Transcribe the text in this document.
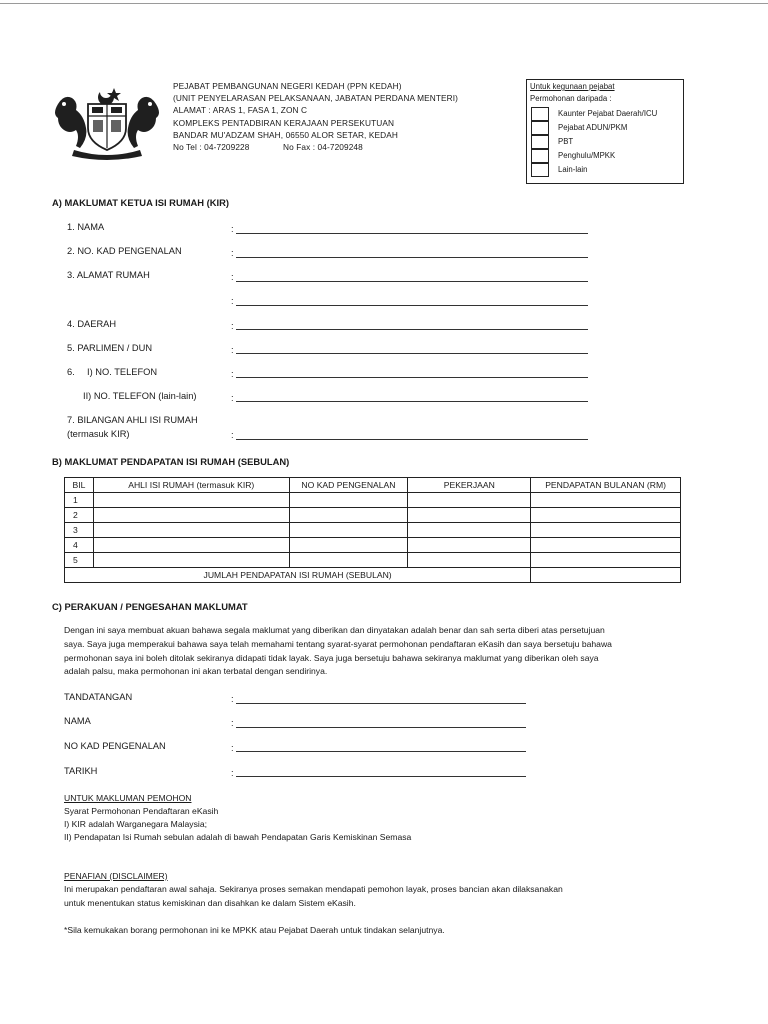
PEJABAT PEMBANGUNAN NEGERI KEDAH (PPN KEDAH)
(UNIT PENYELARASAN PELAKSANAAN, JABATAN PERDANA MENTERI)
ALAMAT : ARAS 1, FASA 1, ZON C
KOMPLEKS PENTADBIRAN KERAJAAN PERSEKUTUAN
BANDAR MU'ADZAM SHAH, 06550 ALOR SETAR, KEDAH
No Tel : 04-7209228	No Fax : 04-7209248
Untuk kegunaan pejabat
Permohonan daripada :
Kaunter Pejabat Daerah/ICU
Pejabat ADUN/PKM
PBT
Penghulu/MPKK
Lain-lain
A) MAKLUMAT KETUA ISI RUMAH (KIR)
1. NAMA	:
2. NO. KAD PENGENALAN	:
3. ALAMAT RUMAH	:
:
4. DAERAH	:
5. PARLIMEN / DUN	:
6. I) NO. TELEFON	:
II) NO. TELEFON (lain-lain)	:
7. BILANGAN AHLI ISI RUMAH
(termasuk KIR)	:
B) MAKLUMAT PENDAPATAN ISI RUMAH (SEBULAN)
BIL	AHLI ISI RUMAH (termasuk KIR)	NO KAD PENGENALAN	PEKERJAAN	PENDAPATAN BULANAN (RM)
1				
2				
3				
4				
5				
JUMLAH PENDAPATAN ISI RUMAH (SEBULAN)				
C) PERAKUAN / PENGESAHAN MAKLUMAT
Dengan ini saya membuat akuan bahawa segala maklumat yang diberikan dan dinyatakan adalah benar dan sah serta diberi atas persetujuan
saya. Saya juga memperakui bahawa saya telah memahami tentang syarat-syarat permohonan pendaftaran eKasih dan saya bersetuju bahawa
permohonan saya ini boleh ditolak sekiranya didapati tidak layak. Saya juga bersetuju bahawa sekiranya maklumat yang diberikan oleh saya
adalah palsu, maka permohonan ini akan terbatal dengan sendirinya.
TANDATANGAN	:
NAMA	:
NO KAD PENGENALAN	:
TARIKH	:
UNTUK MAKLUMAN PEMOHON
Syarat Permohonan Pendaftaran eKasih
I) KIR adalah Warganegara Malaysia;
II) Pendapatan Isi Rumah sebulan adalah di bawah Pendapatan Garis Kemiskinan Semasa
PENAFIAN (DISCLAIMER)
Ini merupakan pendaftaran awal sahaja. Sekiranya proses semakan mendapati pemohon layak, proses bancian akan dilaksanakan
untuk menentukan status kemiskinan dan disahkan ke dalam Sistem eKasih.
*Sila kemukakan borang permohonan ini ke MPKK atau Pejabat Daerah untuk tindakan selanjutnya.
